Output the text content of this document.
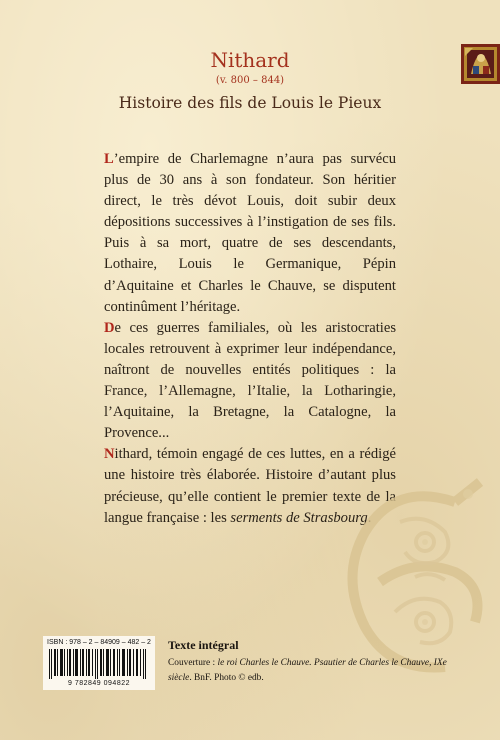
Nithard
(v. 800 – 844)
Histoire des fils de Louis le Pieux

L’empire de Charlemagne n’aura pas survécu plus de 30 ans à son fondateur. Son héritier direct, le très dévot Louis, doit subir deux dépositions successives à l’instigation de ses fils. Puis à sa mort, quatre de ses descendants, Lothaire, Louis le Germanique, Pépin d’Aquitaine et Charles le Chauve, se disputent continûment l’héritage.

De ces guerres familiales, où les aristocraties locales retrouvent à exprimer leur indépendance, naîtront de nouvelles entités politiques : la France, l’Allemagne, l’Italie, la Lotharingie, l’Aquitaine, la Bretagne, la Catalogne, la Provence...

Nithard, témoin engagé de ces luttes, en a rédigé une histoire très élaborée. Histoire d’autant plus précieuse, qu’elle contient le premier texte de la langue française : les serments de Strasbourg.

ISBN : 978 – 2 – 84909 – 482 – 2
9 782849 094822
Texte intégral
Couverture : le roi Charles le Chauve. Psautier de Charles le Chauve, IXe siècle. BnF. Photo © edb.
